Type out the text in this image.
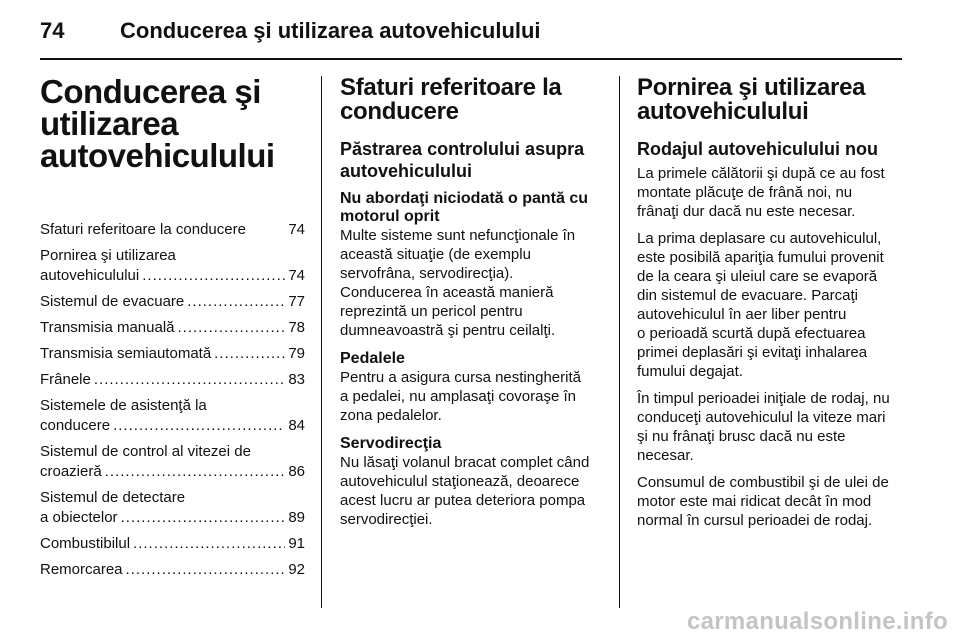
74	Conducerea şi utilizarea autovehiculului
Conducerea şi
utilizarea
autovehiculului
Sfaturi referitoare la conducere	74
Pornirea şi utilizarea
autovehiculului .....	74
Sistemul de evacuare .....	77
Transmisia manuală .....	78
Transmisia semiautomată .....	79
Frânele .....	83
Sistemele de asistenţă la
conducere .....	84
Sistemul de control al vitezei de
croazieră .....	86
Sistemul de detectare
a obiectelor .....	89
Combustibilul .....	91
Remorcarea .....	92
Sfaturi referitoare la
conducere
Păstrarea controlului asupra
autovehiculului
Nu abordaţi niciodată o pantă cu
motorul oprit

Multe sisteme sunt nefuncţionale în
această situaţie (de exemplu
servofrâna, servodirecţia).

Conducerea în această manieră
reprezintă un pericol pentru
dumneavoastră şi pentru ceilalţi.

Pedalele

Pentru a asigura cursa nestingherită
a pedalei, nu amplasaţi covoraşe în
zona pedalelor.

Servodirecţia

Nu lăsaţi volanul bracat complet când
autovehiculul staţionează, deoarece
acest lucru ar putea deteriora pompa
servodirecţiei.

Pornirea şi utilizarea
autovehiculului
Rodajul autovehiculului nou

La primele călătorii şi după ce au fost
montate plăcuţe de frână noi, nu
frânaţi dur dacă nu este necesar.

La prima deplasare cu autovehiculul,
este posibilă apariţia fumului provenit
de la ceara şi uleiul care se evaporă
din sistemul de evacuare. Parcaţi
autovehiculul în aer liber pentru
o perioadă scurtă după efectuarea
primei deplasări şi evitaţi inhalarea
fumului degajat.

În timpul perioadei iniţiale de rodaj, nu
conduceţi autovehiculul la viteze mari
şi nu frânaţi brusc dacă nu este
necesar.

Consumul de combustibil şi de ulei de
motor este mai ridicat decât în mod
normal în cursul perioadei de rodaj.

carmanualsonline.info
